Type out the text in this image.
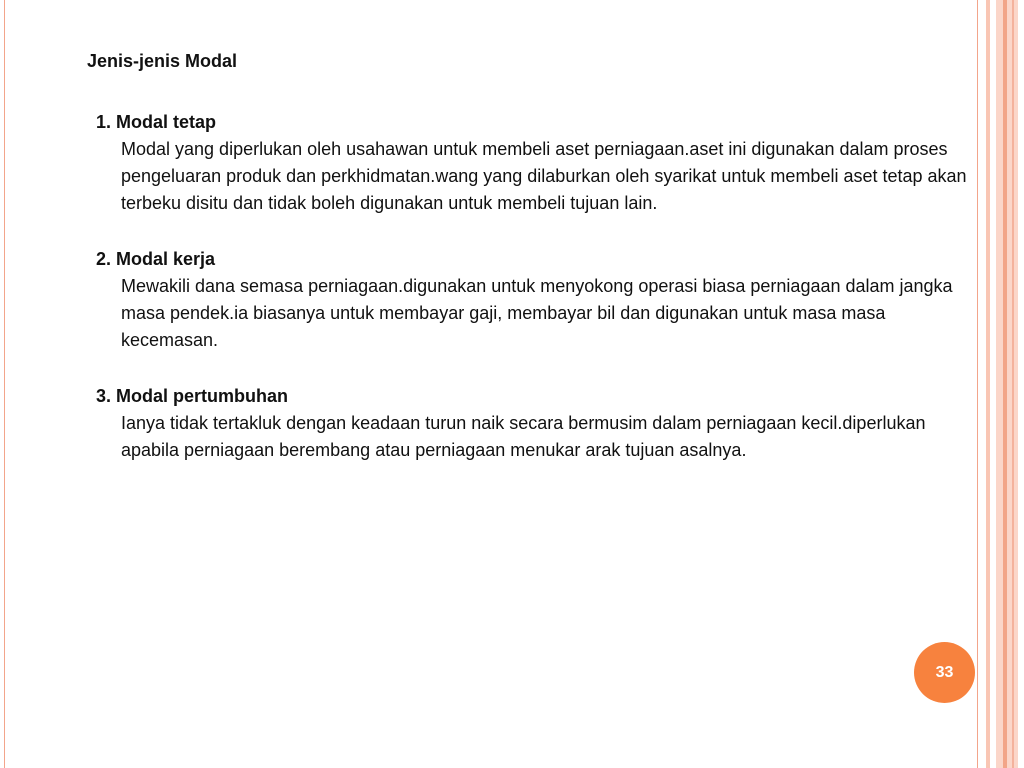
Jenis-jenis Modal
1. Modal tetap
Modal yang diperlukan oleh usahawan untuk membeli aset perniagaan.aset ini digunakan dalam proses pengeluaran produk dan perkhidmatan.wang yang dilaburkan oleh syarikat untuk membeli aset tetap akan terbeku disitu dan tidak boleh digunakan untuk membeli tujuan lain.
2. Modal kerja
Mewakili dana semasa perniagaan.digunakan untuk menyokong operasi biasa perniagaan dalam jangka masa pendek.ia biasanya untuk membayar gaji, membayar bil dan digunakan untuk masa masa kecemasan.
3. Modal pertumbuhan
Ianya tidak tertakluk dengan keadaan turun naik secara bermusim dalam perniagaan kecil.diperlukan apabila perniagaan berembang atau perniagaan menukar arak tujuan asalnya.
33
